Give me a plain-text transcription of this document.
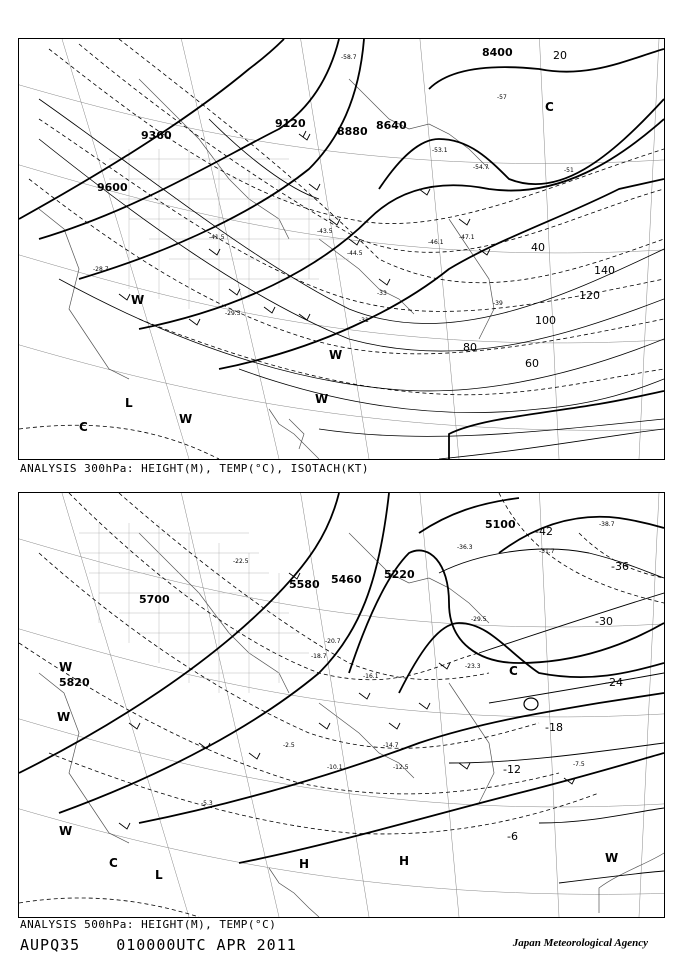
8400
8640
8880
9120
9360
9600
20
40
60
80
100
120
140
-28.7
-29.3
-31
-33
-39
-41.5
-43.5
-44.5
-46.1
-47.1
-51
-53.1
-54.7
-57
-58.7
L
W
W
W
W
C
C
ANALYSIS 300hPa: HEIGHT(M), TEMP(°C), ISOTACH(KT)
5100
5220
5460
5580
5700
5820
-6
-12
-18
-24
-30
-36
-42
-2.5
-5.3
-7.5
-10.1	-12.5
-14.7
-16.1
-18.7
-20.7
-22.5
-23.3
-29.5
-31.7
-36.3
-38.7
H	H
L
W
W
W
W
C
C
ANALYSIS 500hPa: HEIGHT(M), TEMP(°C)
AUPQ35 010000UTC APR 2011	Japan Meteorological Agency
